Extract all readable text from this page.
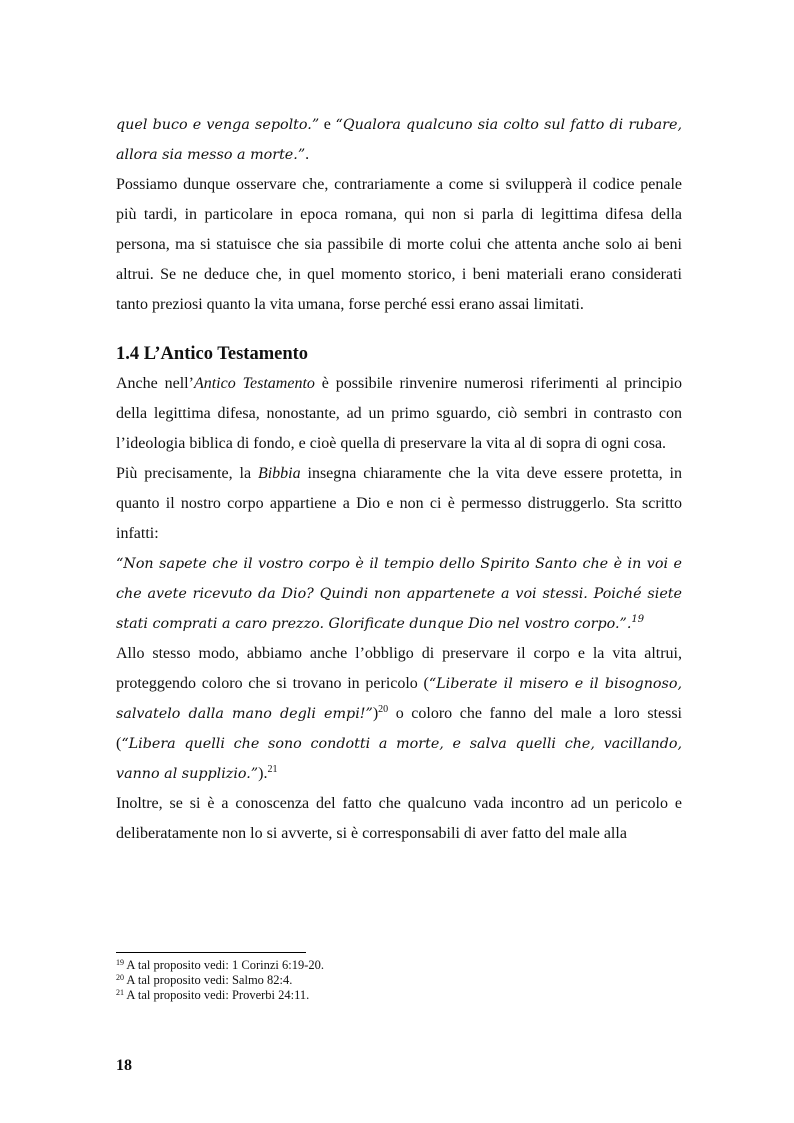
quel buco e venga sepolto.” e “Qualora qualcuno sia colto sul fatto di rubare, allora sia messo a morte.”.

Possiamo dunque osservare che, contrariamente a come si svilupperà il codice penale più tardi, in particolare in epoca romana, qui non si parla di legittima difesa della persona, ma si statuisce che sia passibile di morte colui che attenta anche solo ai beni altrui. Se ne deduce che, in quel momento storico, i beni materiali erano considerati tanto preziosi quanto la vita umana, forse perché essi erano assai limitati.

1.4 L’Antico Testamento

Anche nell’Antico Testamento è possibile rinvenire numerosi riferimenti al principio della legittima difesa, nonostante, ad un primo sguardo, ciò sembri in contrasto con l’ideologia biblica di fondo, e cioè quella di preservare la vita al di sopra di ogni cosa.

Più precisamente, la Bibbia insegna chiaramente che la vita deve essere protetta, in quanto il nostro corpo appartiene a Dio e non ci è permesso distruggerlo. Sta scritto infatti:

“Non sapete che il vostro corpo è il tempio dello Spirito Santo che è in voi e che avete ricevuto da Dio? Quindi non appartenete a voi stessi. Poiché siete stati comprati a caro prezzo. Glorificate dunque Dio nel vostro corpo.”.$^{19}$

Allo stesso modo, abbiamo anche l’obbligo di preservare il corpo e la vita altrui, proteggendo coloro che si trovano in pericolo (“Liberate il misero e il bisognoso, salvatelo dalla mano degli empi!”)$^{20}$ o coloro che fanno del male a loro stessi (“Libera quelli che sono condotti a morte, e salva quelli che, vacillando, vanno al supplizio.”).$^{21}$

Inoltre, se si è a conoscenza del fatto che qualcuno vada incontro ad un pericolo e deliberatamente non lo si avverte, si è corresponsabili di aver fatto del male alla

$^{19}$ A tal proposito vedi: 1 Corinzi 6:19-20.

$^{20}$ A tal proposito vedi: Salmo 82:4.

$^{21}$ A tal proposito vedi: Proverbi 24:11.

18
